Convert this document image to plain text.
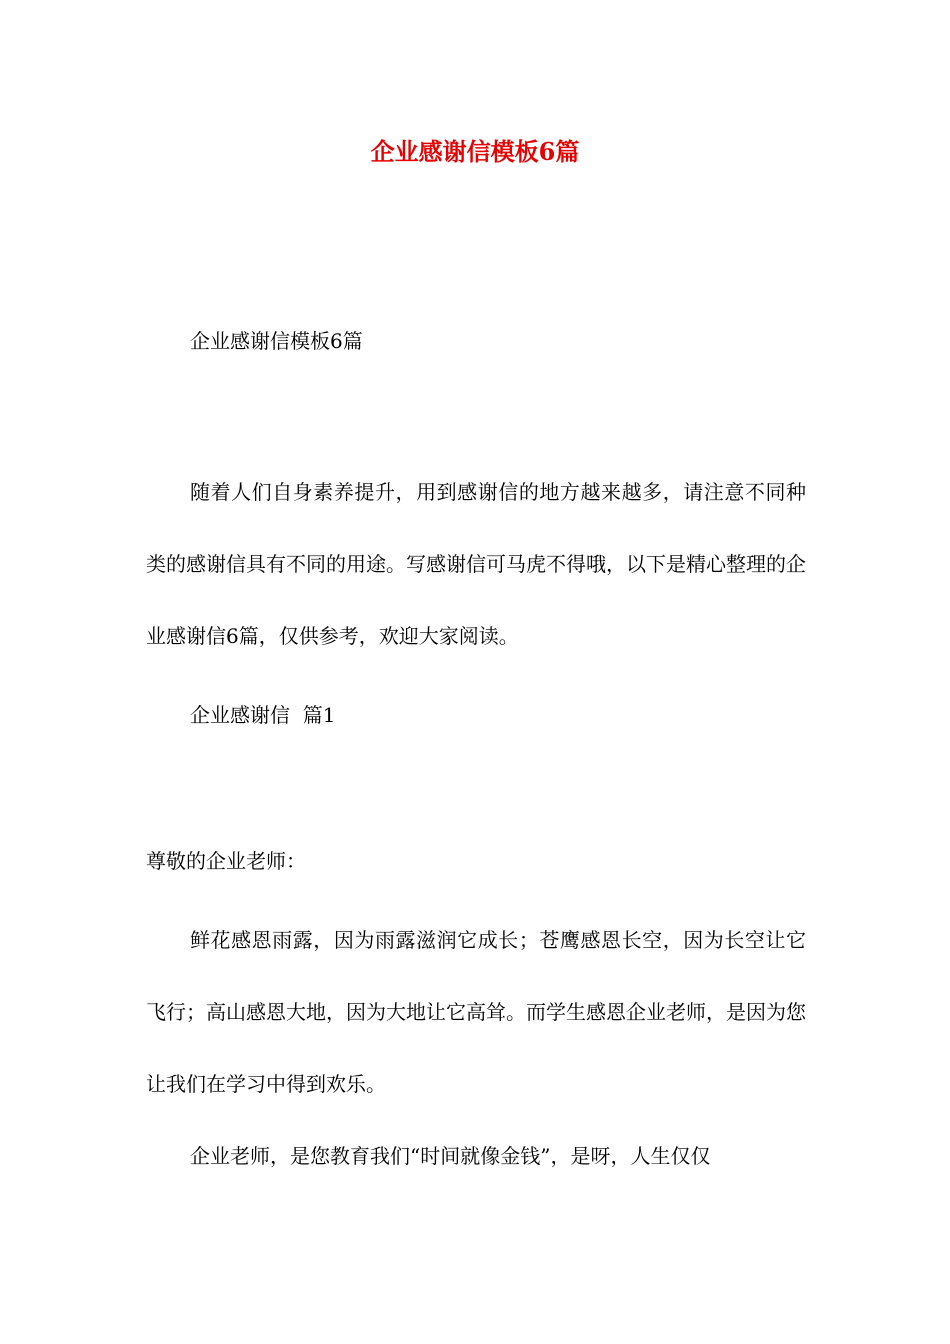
企业感谢信模板6篇
企业感谢信模板6篇
随着人们自身素养提升，用到感谢信的地方越来越多，请注意不同种类的感谢信具有不同的用途。写感谢信可马虎不得哦，以下是精心整理的企业感谢信6篇，仅供参考，欢迎大家阅读。
企业感谢信  篇1
尊敬的企业老师：
鲜花感恩雨露，因为雨露滋润它成长；苍鹰感恩长空，因为长空让它飞行；高山感恩大地，因为大地让它高耸。而学生感恩企业老师，是因为您让我们在学习中得到欢乐。
企业老师，是您教育我们“时间就像金钱”，是呀，人生仅仅
